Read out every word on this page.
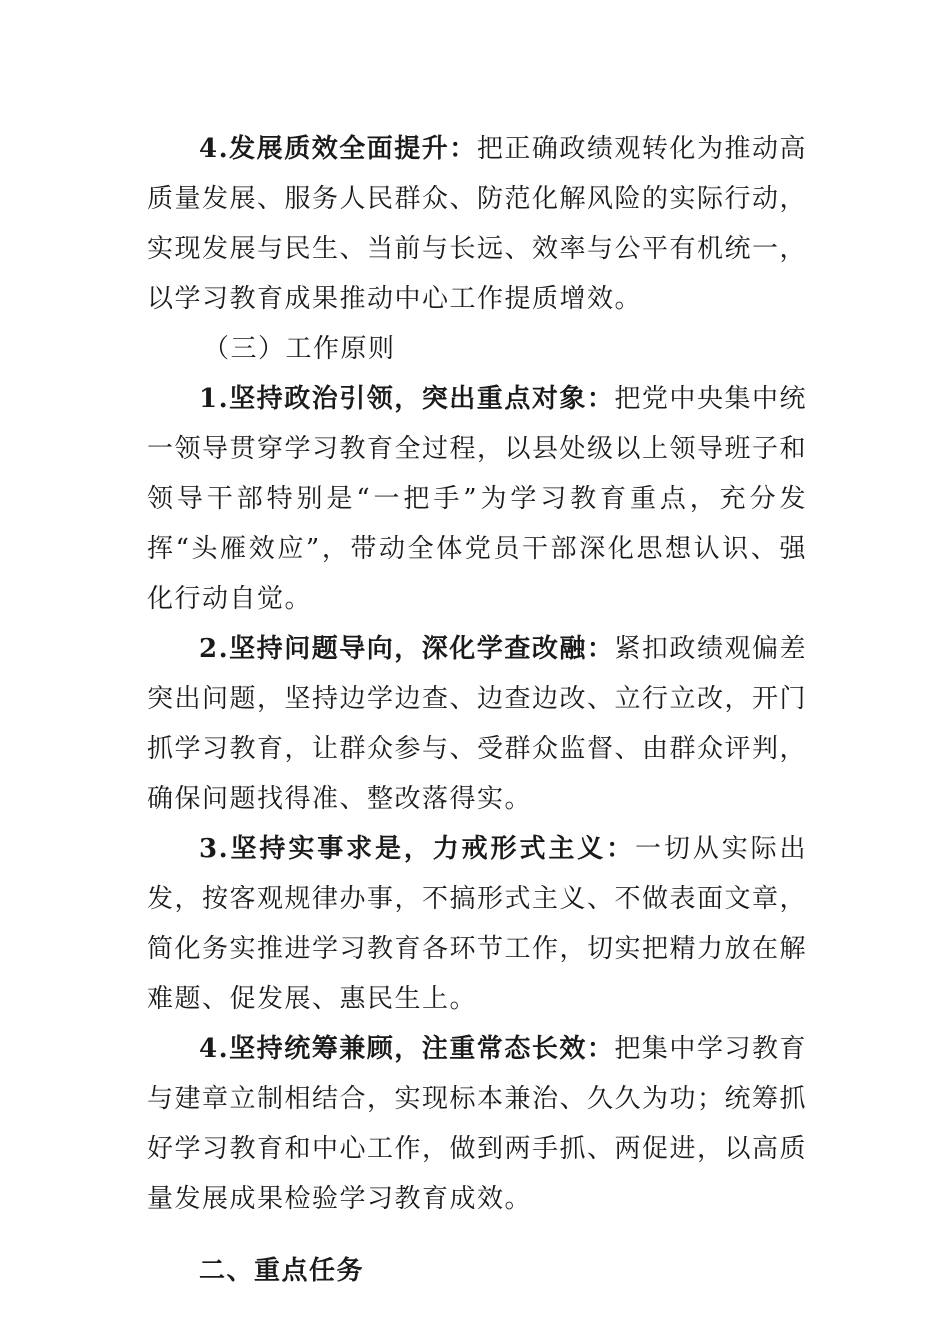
4.发展质效全面提升：把正确政绩观转化为推动高质量发展、服务人民群众、防范化解风险的实际行动，实现发展与民生、当前与长远、效率与公平有机统一，以学习教育成果推动中心工作提质增效。

（三）工作原则

1.坚持政治引领，突出重点对象：把党中央集中统一领导贯穿学习教育全过程，以县处级以上领导班子和领导干部特别是“一把手”为学习教育重点，充分发挥“头雁效应”，带动全体党员干部深化思想认识、强化行动自觉。

2.坚持问题导向，深化学查改融：紧扣政绩观偏差突出问题，坚持边学边查、边查边改、立行立改，开门抓学习教育，让群众参与、受群众监督、由群众评判，确保问题找得准、整改落得实。

3.坚持实事求是，力戒形式主义：一切从实际出发，按客观规律办事，不搞形式主义、不做表面文章，简化务实推进学习教育各环节工作，切实把精力放在解难题、促发展、惠民生上。

4.坚持统筹兼顾，注重常态长效：把集中学习教育与建章立制相结合，实现标本兼治、久久为功；统筹抓好学习教育和中心工作，做到两手抓、两促进，以高质量发展成果检验学习教育成效。

二、重点任务
